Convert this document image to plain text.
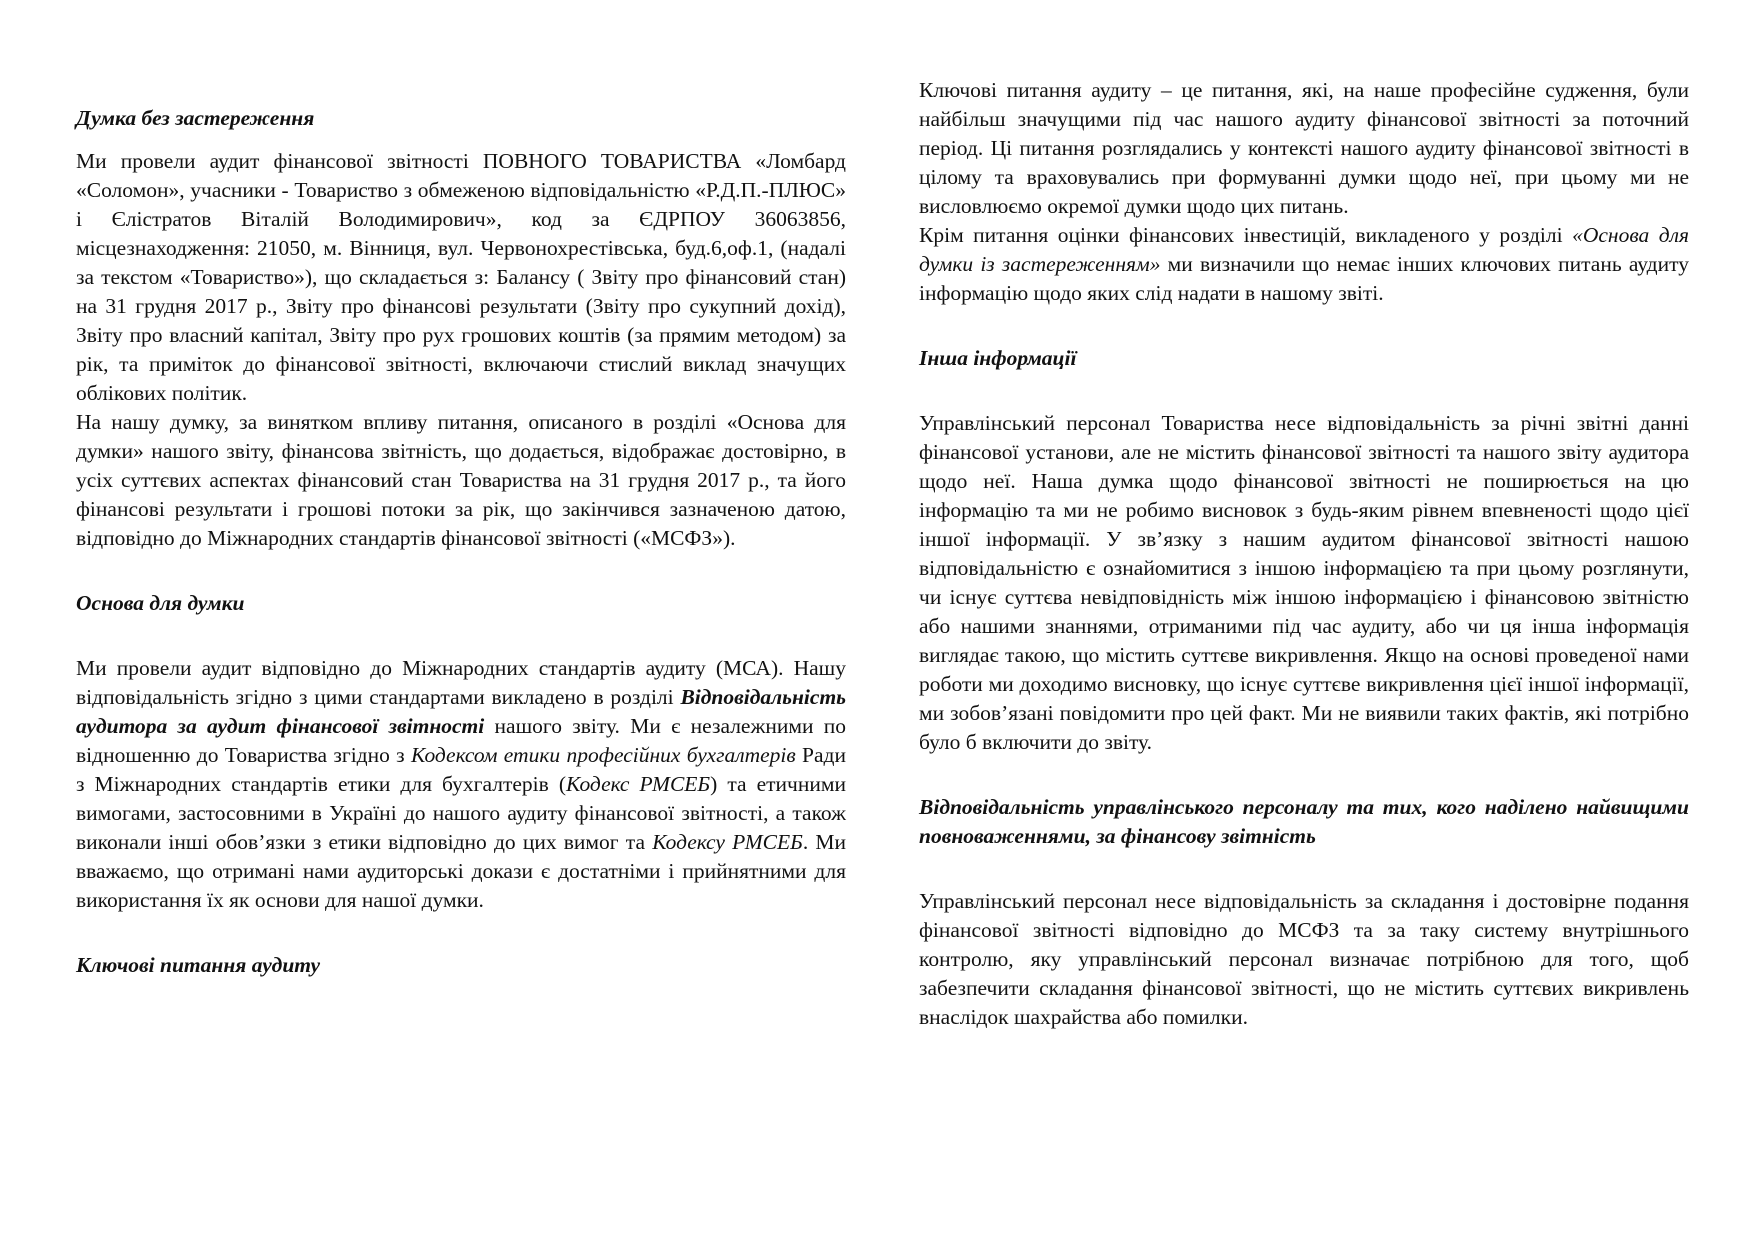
Думка без застереження

Ми провели аудит фінансової звітності ПОВНОГО ТОВАРИСТВА «Ломбард «Соломон», учасники - Товариство з обмеженою відповідальністю «Р.Д.П.-ПЛЮС» і Єлістратов Віталій Володимирович», код за ЄДРПОУ 36063856, місцезнаходження: 21050, м. Вінниця, вул. Червонохрестівська, буд.6,оф.1, (надалі за текстом «Товариство»), що складається з: Балансу ( Звіту про фінансовий стан) на 31 грудня 2017 р., Звіту про фінансові результати (Звіту про сукупний дохід), Звіту про власний капітал, Звіту про рух грошових коштів (за прямим методом) за рік, та приміток до фінансової звітності, включаючи стислий виклад значущих облікових політик.

На нашу думку, за винятком впливу питання, описаного в розділі «Основа для думки» нашого звіту, фінансова звітність, що додається, відображає достовірно, в усіх суттєвих аспектах фінансовий стан Товариства на 31 грудня 2017 р., та його фінансові результати і грошові потоки за рік, що закінчився зазначеною датою, відповідно до Міжнародних стандартів фінансової звітності («МСФЗ»).

Основа для думки

Ми провели аудит відповідно до Міжнародних стандартів аудиту (МСА). Нашу відповідальність згідно з цими стандартами викладено в розділі Відповідальність аудитора за аудит фінансової звітності нашого звіту. Ми є незалежними по відношенню до Товариства згідно з Кодексом етики професійних бухгалтерів Ради з Міжнародних стандартів етики для бухгалтерів (Кодекс РМСЕБ) та етичними вимогами, застосовними в Україні до нашого аудиту фінансової звітності, а також виконали інші обов’язки з етики відповідно до цих вимог та Кодексу РМСЕБ. Ми вважаємо, що отримані нами аудиторські докази є достатніми і прийнятними для використання їх як основи для нашої думки.

Ключові питання аудиту

Ключові питання аудиту – це питання, які, на наше професійне судження, були найбільш значущими під час нашого аудиту фінансової звітності за поточний період. Ці питання розглядались у контексті нашого аудиту фінансової звітності в цілому та враховувались при формуванні думки щодо неї, при цьому ми не висловлюємо окремої думки щодо цих питань.

Крім питання оцінки фінансових інвестицій, викладеного у розділі «Основа для думки із застереженням» ми визначили що немає інших ключових питань аудиту інформацію щодо яких слід надати в нашому звіті.

Інша інформації

Управлінський персонал Товариства несе відповідальність за річні звітні данні фінансової установи, але не містить фінансової звітності та нашого звіту аудитора щодо неї. Наша думка щодо фінансової звітності не поширюється на цю інформацію та ми не робимо висновок з будь-яким рівнем впевненості щодо цієї іншої інформації. У зв’язку з нашим аудитом фінансової звітності нашою відповідальністю є ознайомитися з іншою інформацією та при цьому розглянути, чи існує суттєва невідповідність між іншою інформацією і фінансовою звітністю або нашими знаннями, отриманими під час аудиту, або чи ця інша інформація виглядає такою, що містить суттєве викривлення. Якщо на основі проведеної нами роботи ми доходимо висновку, що існує суттєве викривлення цієї іншої інформації, ми зобов’язані повідомити про цей факт. Ми не виявили таких фактів, які потрібно було б включити до звіту.

Відповідальність управлінського персоналу та тих, кого наділено найвищими повноваженнями, за фінансову звітність

Управлінський персонал несе відповідальність за складання і достовірне подання фінансової звітності відповідно до МСФЗ та за таку систему внутрішнього контролю, яку управлінський персонал визначає потрібною для того, щоб забезпечити складання фінансової звітності, що не містить суттєвих викривлень внаслідок шахрайства або помилки.
